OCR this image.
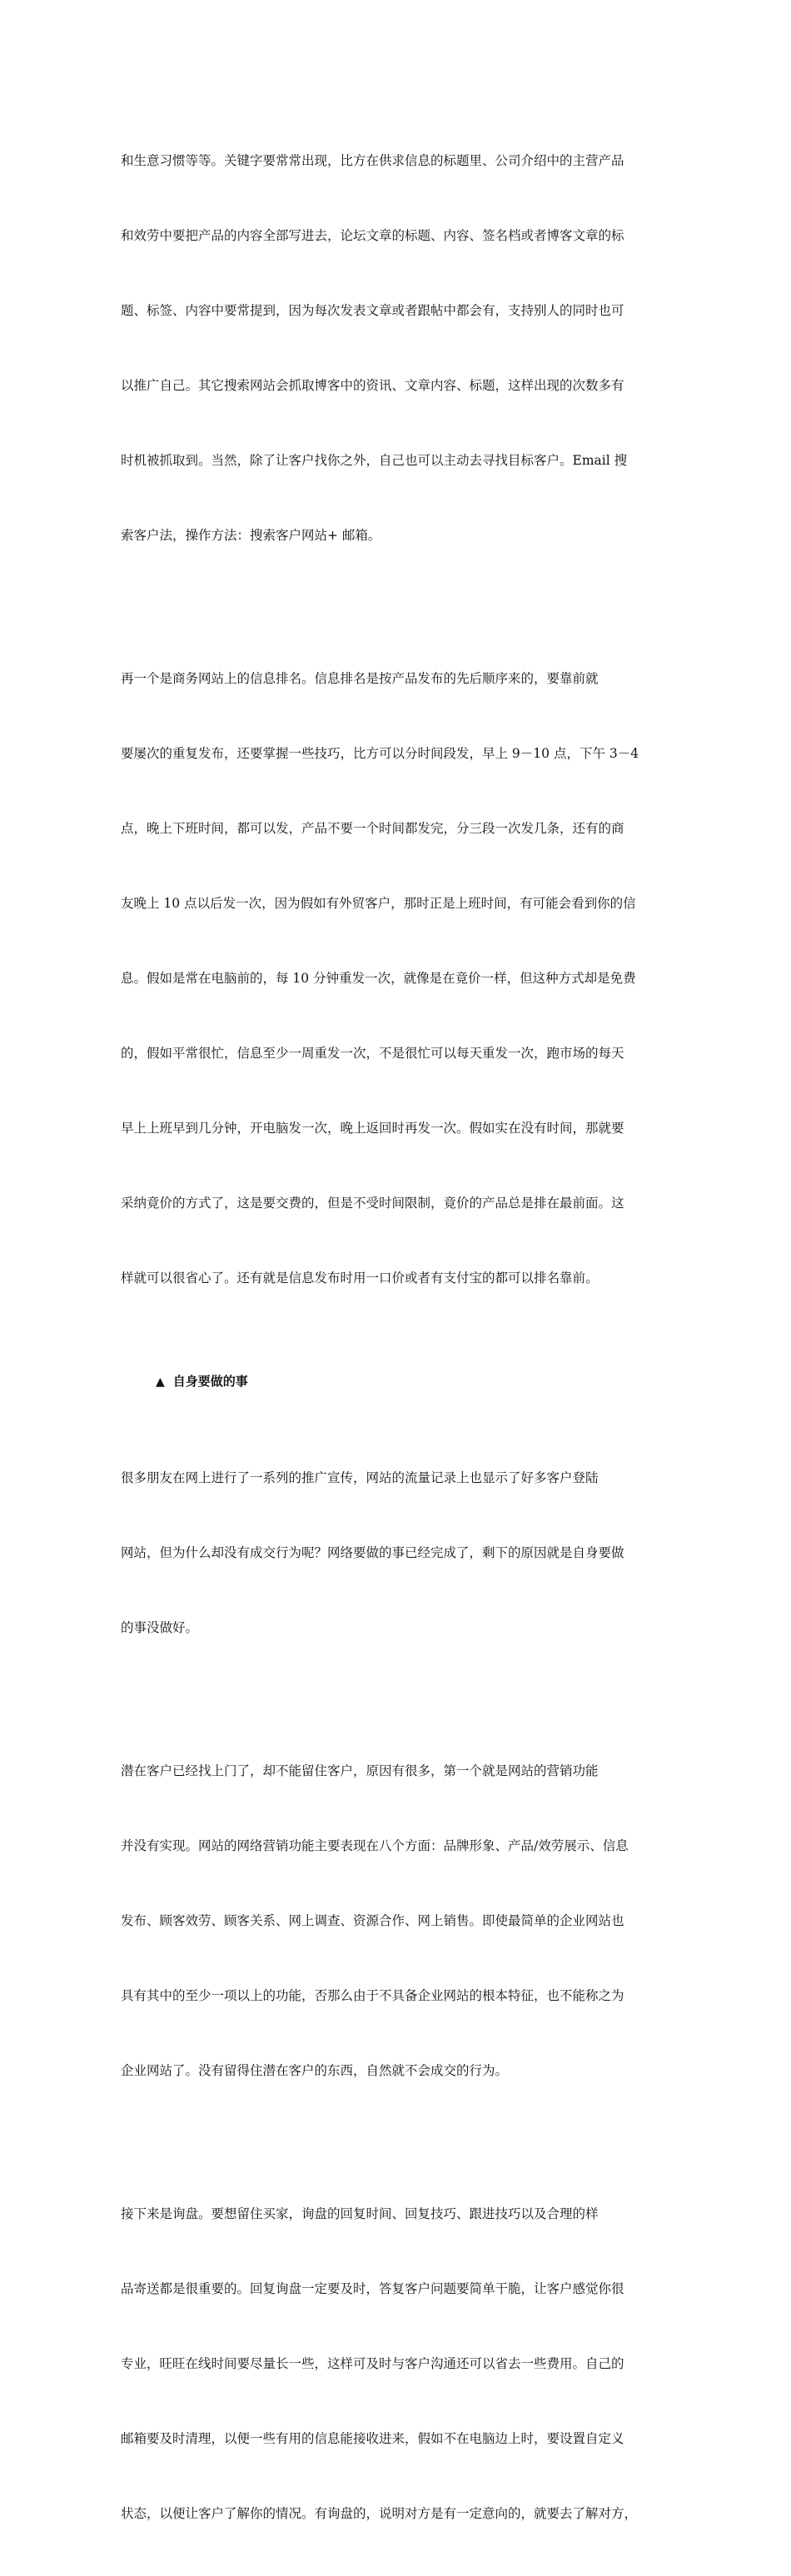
和生意习惯等等。关键字要常常出现，比方在供求信息的标题里、公司介绍中的主营产品

和效劳中要把产品的内容全部写进去，论坛文章的标题、内容、签名档或者博客文章的标

题、标签、内容中要常提到，因为每次发表文章或者跟帖中都会有，支持别人的同时也可

以推广自己。其它搜索网站会抓取博客中的资讯、文章内容、标题，这样出现的次数多有

时机被抓取到。当然，除了让客户找你之外，自己也可以主动去寻找目标客户。Email 搜

索客户法，操作方法：搜索客户网站+ 邮箱。

再一个是商务网站上的信息排名。信息排名是按产品发布的先后顺序来的，要靠前就

要屡次的重复发布，还要掌握一些技巧，比方可以分时间段发，早上 9－10 点，下午 3－4

点，晚上下班时间，都可以发，产品不要一个时间都发完，分三段一次发几条，还有的商

友晚上 10 点以后发一次，因为假如有外贸客户，那时正是上班时间，有可能会看到你的信

息。假如是常在电脑前的，每 10 分钟重发一次，就像是在竟价一样，但这种方式却是免费

的，假如平常很忙，信息至少一周重发一次，不是很忙可以每天重发一次，跑市场的每天

早上上班早到几分钟，开电脑发一次，晚上返回时再发一次。假如实在没有时间，那就要

采纳竟价的方式了，这是要交费的，但是不受时间限制，竟价的产品总是排在最前面。这

样就可以很省心了。还有就是信息发布时用一口价或者有支付宝的都可以排名靠前。

▲ 自身要做的事

很多朋友在网上进行了一系列的推广宣传，网站的流量记录上也显示了好多客户登陆

网站，但为什么却没有成交行为呢？网络要做的事已经完成了，剩下的原因就是自身要做

的事没做好。

潜在客户已经找上门了，却不能留住客户，原因有很多，第一个就是网站的营销功能

并没有实现。网站的网络营销功能主要表现在八个方面：品牌形象、产品/效劳展示、信息

发布、顾客效劳、顾客关系、网上调查、资源合作、网上销售。即使最简单的企业网站也

具有其中的至少一项以上的功能，否那么由于不具备企业网站的根本特征，也不能称之为

企业网站了。没有留得住潜在客户的东西，自然就不会成交的行为。

接下来是询盘。要想留住买家，询盘的回复时间、回复技巧、跟进技巧以及合理的样

品寄送都是很重要的。回复询盘一定要及时，答复客户问题要简单干脆，让客户感觉你很

专业，旺旺在线时间要尽量长一些，这样可及时与客户沟通还可以省去一些费用。自己的

邮箱要及时清理，以便一些有用的信息能接收进来，假如不在电脑边上时，要设置自定义

状态，以便让客户了解你的情况。有询盘的，说明对方是有一定意向的，就要去了解对方，
